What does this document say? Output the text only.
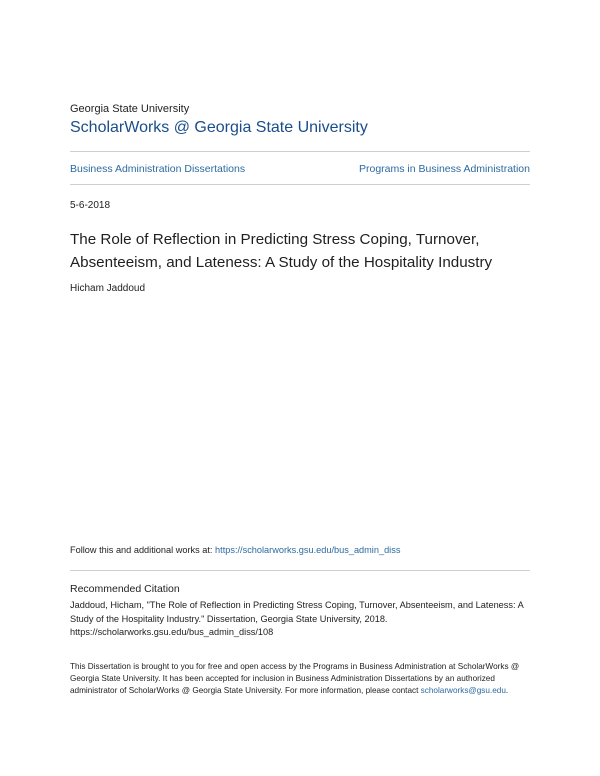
Georgia State University
ScholarWorks @ Georgia State University
Business Administration Dissertations	Programs in Business Administration
5-6-2018
The Role of Reflection in Predicting Stress Coping, Turnover, Absenteeism, and Lateness: A Study of the Hospitality Industry
Hicham Jaddoud
Follow this and additional works at: https://scholarworks.gsu.edu/bus_admin_diss
Recommended Citation
Jaddoud, Hicham, "The Role of Reflection in Predicting Stress Coping, Turnover, Absenteeism, and Lateness: A Study of the Hospitality Industry." Dissertation, Georgia State University, 2018. https://scholarworks.gsu.edu/bus_admin_diss/108
This Dissertation is brought to you for free and open access by the Programs in Business Administration at ScholarWorks @ Georgia State University. It has been accepted for inclusion in Business Administration Dissertations by an authorized administrator of ScholarWorks @ Georgia State University. For more information, please contact scholarworks@gsu.edu.
